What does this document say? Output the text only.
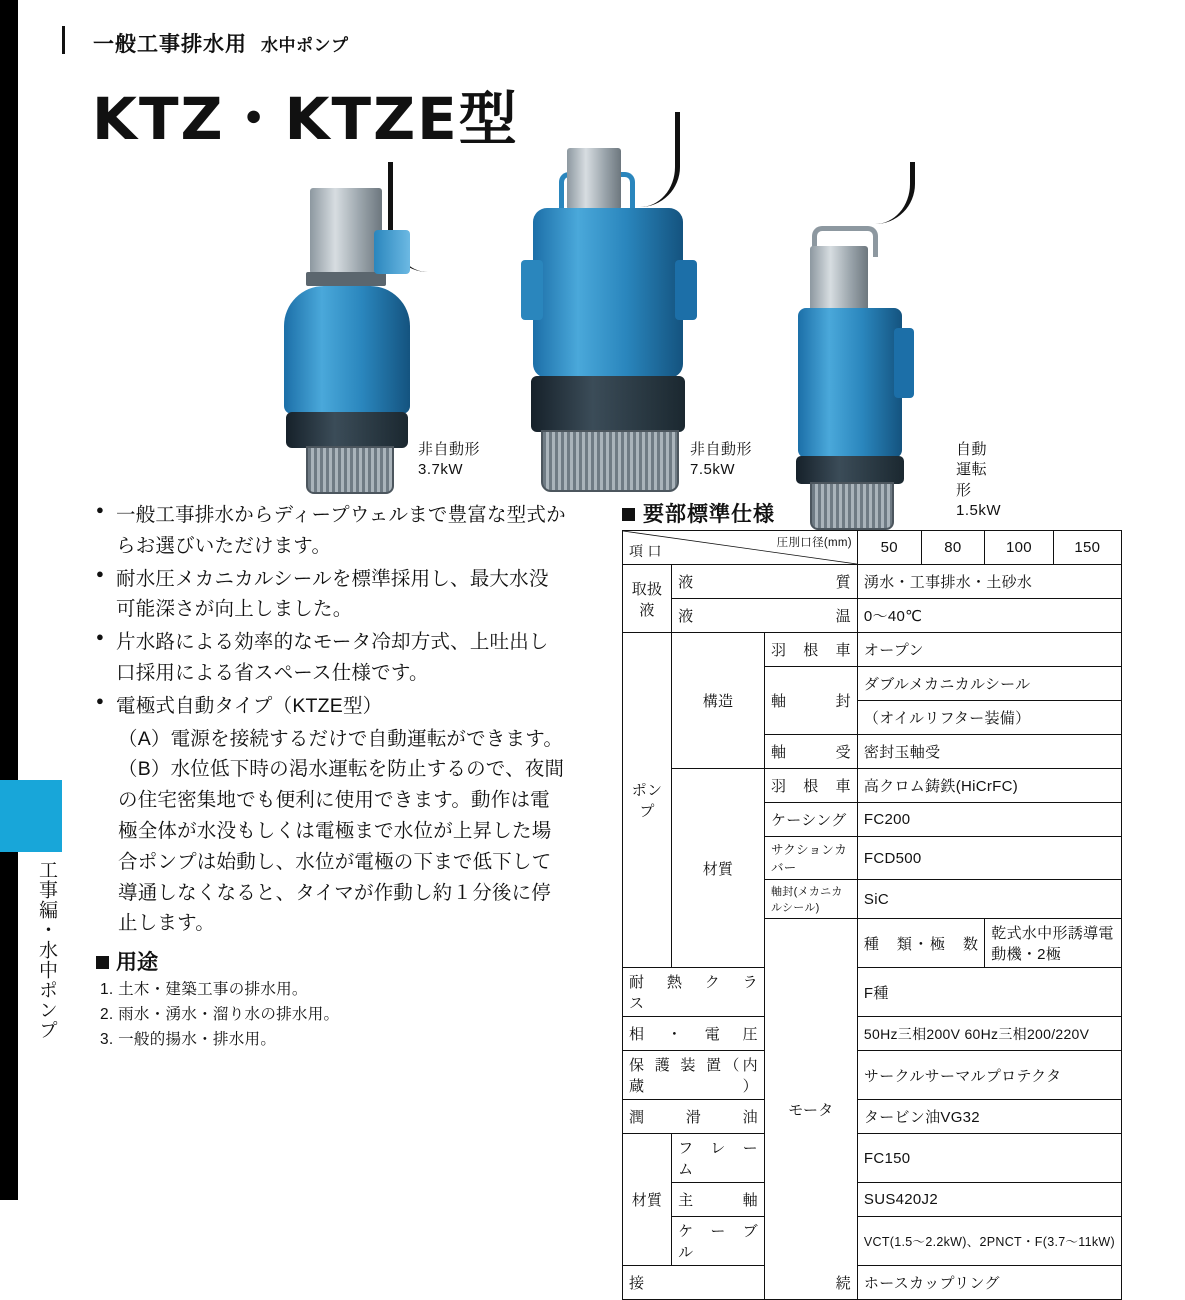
工事編・水中ポンプ
一般工事排水用 水中ポンプ
KTZ・KTZE型
非自動形
3.7kW
非自動形
7.5kW
自動運転形
1.5kW
● 一般工事排水からディープウェルまで豊富な型式からお選びいただけます。
● 耐水圧メカニカルシールを標準採用し、最大水没可能深さが向上しました。
● 片水路による効率的なモータ冷却方式、上吐出し口採用による省スペース仕様です。
● 電極式自動タイプ（KTZE型）
（A）電源を接続するだけで自動運転ができます。
（B）水位低下時の渇水運転を防止するので、夜間の住宅密集地でも便利に使用できます。動作は電極全体が水没もしくは電極まで水位が上昇した場合ポンプは始動し、水位が電極の下まで低下して導通しなくなると、タイマが作動し約１分後に停止します。
用途
1. 土木・建築工事の排水用。
2. 雨水・湧水・溜り水の排水用。
3. 一般的揚水・排水用。
要部標準仕様
項 口 圧刖口径(mm)			50	80	100	150
取扱液	液　　　質		湧水・工事排水・土砂水			
	液　　　温		0～40℃			
ポンプ	構造	羽　根　車	オープン			
		軸　　封	ダブルメカニカルシール			
			（オイルリフター装備）			
		軸　　受	密封玉軸受			
	材質	羽　根　車	高クロム鋳鉄(HiCrFC)			
		ケーシング	FC200			
		サクションカバー	FCD500			
		軸封(メカニカルシール)	SiC			
		モータ	種　類・極　数		乾式水中形誘導電動機・2極	
耐　熱　ク　ラ　ス			F種			
相　・　電　圧			50Hz三相200V 60Hz三相200/220V			
保 護 装 置（内 蔵）			サークルサーマルプロテクタ			
潤　　滑　　油			タービン油VG32			
材質	フ　レ　ー　ム		FC150			
	主　　軸		SUS420J2			
	ケ　ー　ブ　ル		VCT(1.5～2.2kW)、2PNCT・F(3.7～11kW)			
接　　　　　　　　　続			ホースカップリング			
